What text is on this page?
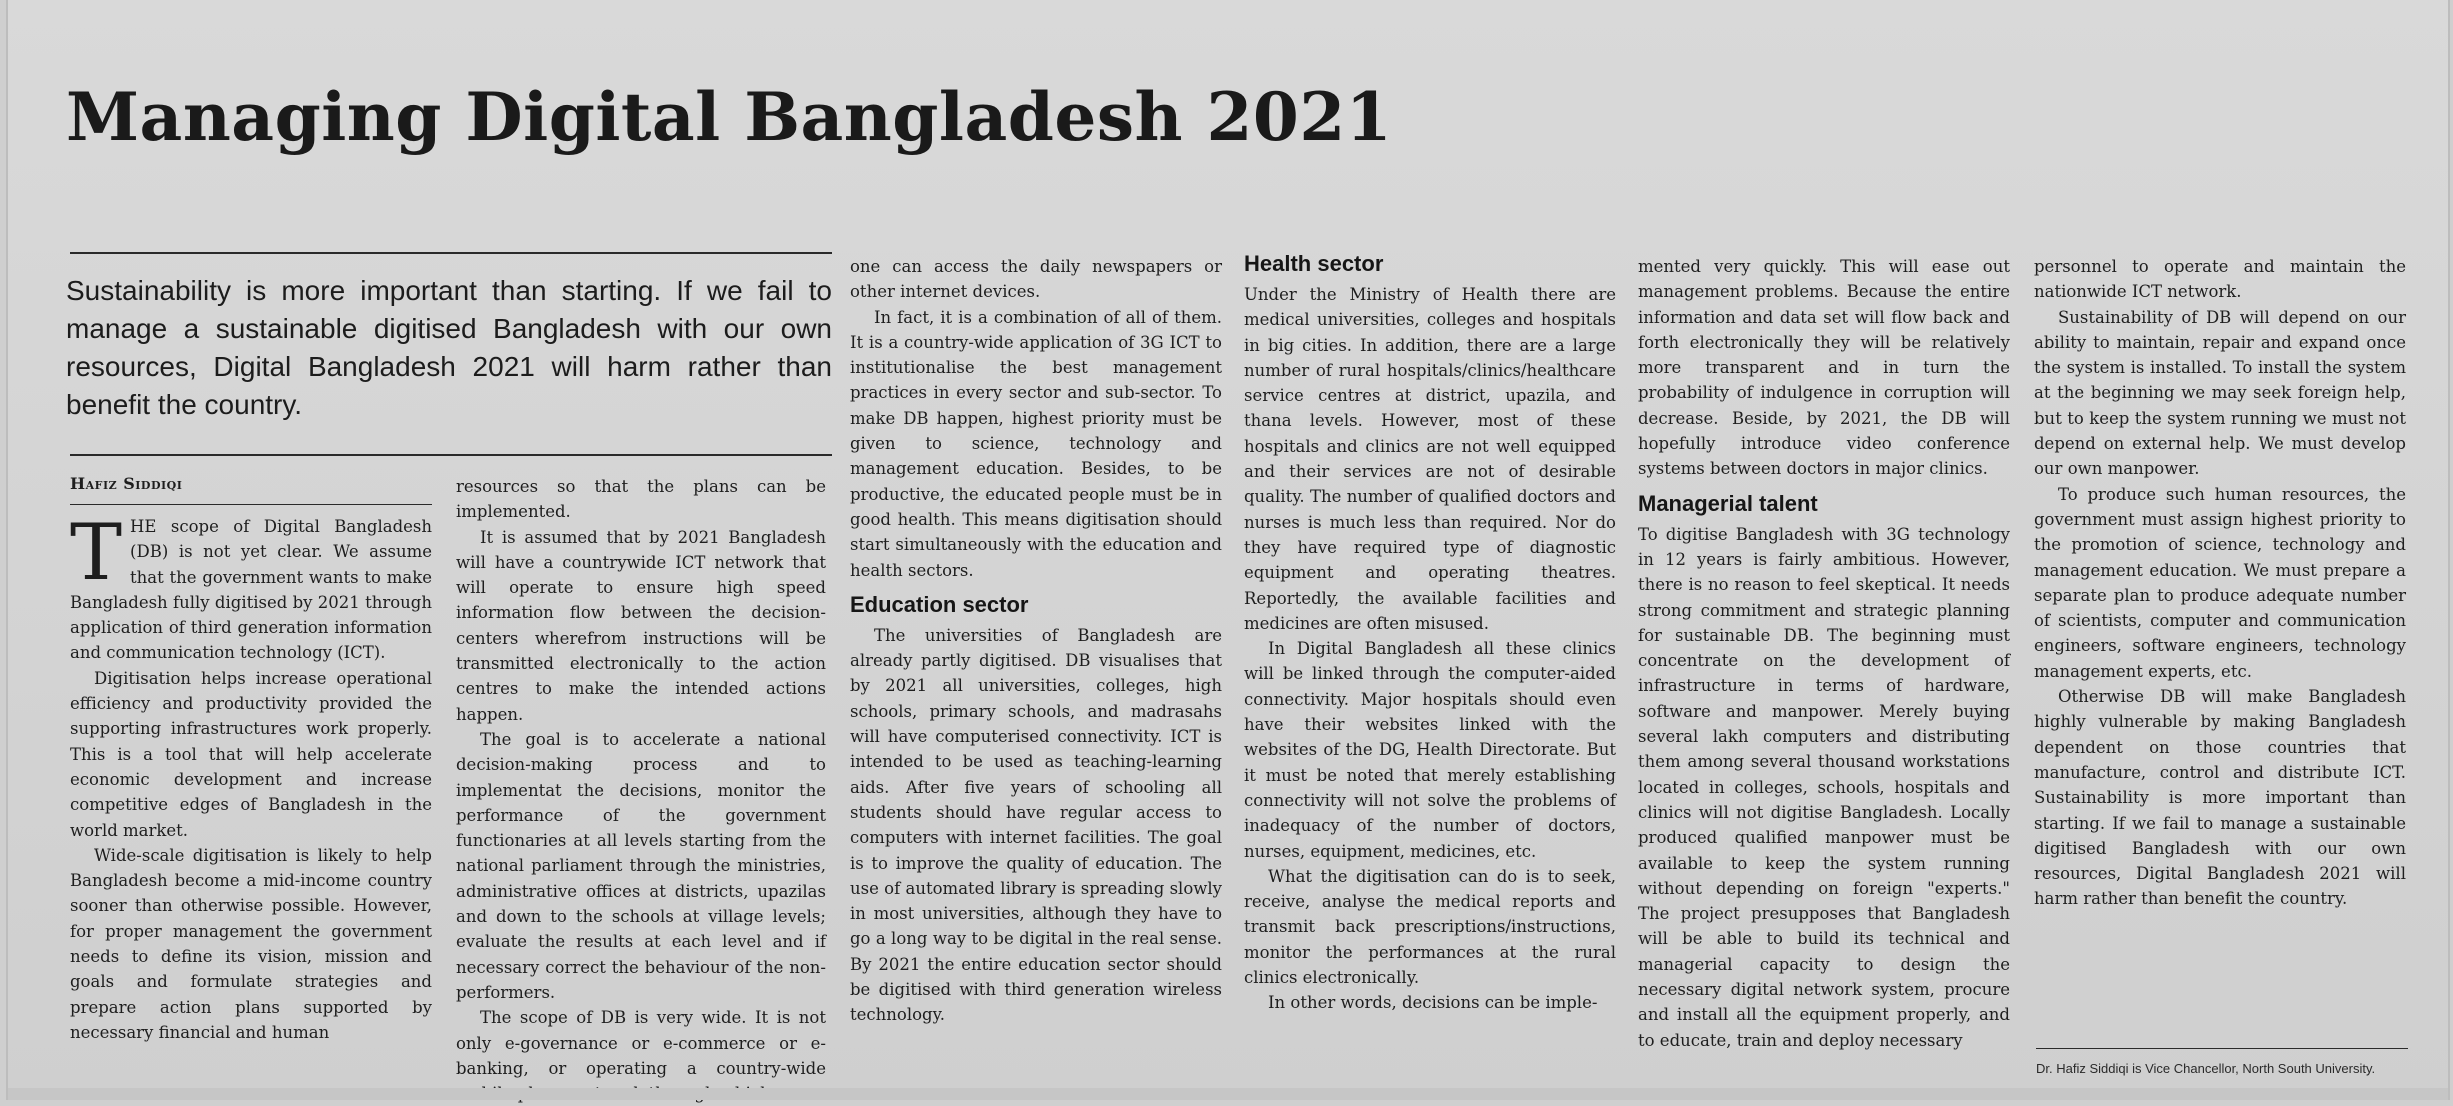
Managing Digital Bangladesh 2021

Sustainability is more important than starting. If we fail to manage a sustainable digitised Bangladesh with our own resources, Digital Bangladesh 2021 will harm rather than benefit the country.

Hafiz Siddiqi

THE scope of Digital Bangladesh (DB) is not yet clear. We assume that the government wants to make Bangladesh fully digitised by 2021 through application of third generation information and communication technology (ICT).

Digitisation helps increase operational efficiency and productivity provided the supporting infrastructures work properly. This is a tool that will help accelerate economic development and increase competitive edges of Bangladesh in the world market.

Wide-scale digitisation is likely to help Bangladesh become a mid-income country sooner than otherwise possible. However, for proper management the government needs to define its vision, mission and goals and formulate strategies and prepare action plans supported by necessary financial and human

resources so that the plans can be implemented.

It is assumed that by 2021 Bangladesh will have a countrywide ICT network that will operate to ensure high speed information flow between the decision- centers wherefrom instructions will be transmitted electronically to the action centres to make the intended actions happen.

The goal is to accelerate a national decision-making process and to implementat the decisions, monitor the performance of the government functionaries at all levels starting from the national parliament through the ministries, administrative offices at districts, upazilas and down to the schools at village levels; evaluate the results at each level and if necessary correct the behaviour of the non-performers.

The scope of DB is very wide. It is not only e-governance or e-commerce or e-banking, or operating a country-wide

one can access the daily newspapers or other internet devices.

In fact, it is a combination of all of them. It is a country-wide application of 3G ICT to institutionalise the best management practices in every sector and sub-sector. To make DB happen, highest priority must be given to science, technology and management education. Besides, to be productive, the educated people must be in good health. This means digitisation should start simultaneously with the education and health sectors.

Education sector

The universities of Bangladesh are already partly digitised. DB visualises that by 2021 all universities, colleges, high schools, primary schools, and madrasahs will have computerised connectivity. ICT is intended to be used as teaching-learning aids. After five years of schooling all students should have regular access to computers with internet facilities. The goal is to improve the quality of education. The use of automated library is spreading slowly in most universities, although they have to go a long way to be digital in the real sense. By 2021 the entire education sector should be digitised with third generation wireless technology.

Health sector

Under the Ministry of Health there are medical universities, colleges and hospitals in big cities. In addition, there are a large number of rural hospitals/clinics/healthcare service centres at district, upazila, and thana levels. However, most of these hospitals and clinics are not well equipped and their services are not of desirable quality. The number of qualified doctors and nurses is much less than required. Nor do they have required type of diagnostic equipment and operating theatres. Reportedly, the available facilities and medicines are often misused.

In Digital Bangladesh all these clinics will be linked through the computer-aided connectivity. Major hospitals should even have their websites linked with the websites of the DG, Health Directorate. But it must be noted that merely establishing connectivity will not solve the problems of inadequacy of the number of doctors, nurses, equipment, medicines, etc.

What the digitisation can do is to seek, receive, analyse the medical reports and transmit back prescriptions/instructions, monitor the performances at the rural clinics electronically.

In other words, decisions can be imple-

mented very quickly. This will ease out management problems. Because the entire information and data set will flow back and forth electronically they will be relatively more transparent and in turn the probability of indulgence in corruption will decrease. Beside, by 2021, the DB will hopefully introduce video conference systems between doctors in major clinics.

Managerial talent

To digitise Bangladesh with 3G technology in 12 years is fairly ambitious. However, there is no reason to feel skeptical. It needs strong commitment and strategic planning for sustainable DB. The beginning must concentrate on the development of infrastructure in terms of hardware, software and manpower. Merely buying several lakh computers and distributing them among several thousand workstations located in colleges, schools, hospitals and clinics will not digitise Bangladesh. Locally produced qualified manpower must be available to keep the system running without depending on foreign "experts." The project presupposes that Bangladesh will be able to build its technical and managerial capacity to design the necessary digital network system, procure and install all the equipment properly, and to educate, train and deploy necessary

personnel to operate and maintain the nationwide ICT network.

Sustainability of DB will depend on our ability to maintain, repair and expand once the system is installed. To install the system at the beginning we may seek foreign help, but to keep the system running we must not depend on external help. We must develop our own manpower.

To produce such human resources, the government must assign highest priority to the promotion of science, technology and management education. We must prepare a separate plan to produce adequate number of scientists, computer and communication engineers, software engineers, technology management experts, etc.

Otherwise DB will make Bangladesh highly vulnerable by making Bangladesh dependent on those countries that manufacture, control and distribute ICT. Sustainability is more important than starting. If we fail to manage a sustainable digitised Bangladesh with our own resources, Digital Bangladesh 2021 will harm rather than benefit the country.

Dr. Hafiz Siddiqi is Vice Chancellor, North South University.
